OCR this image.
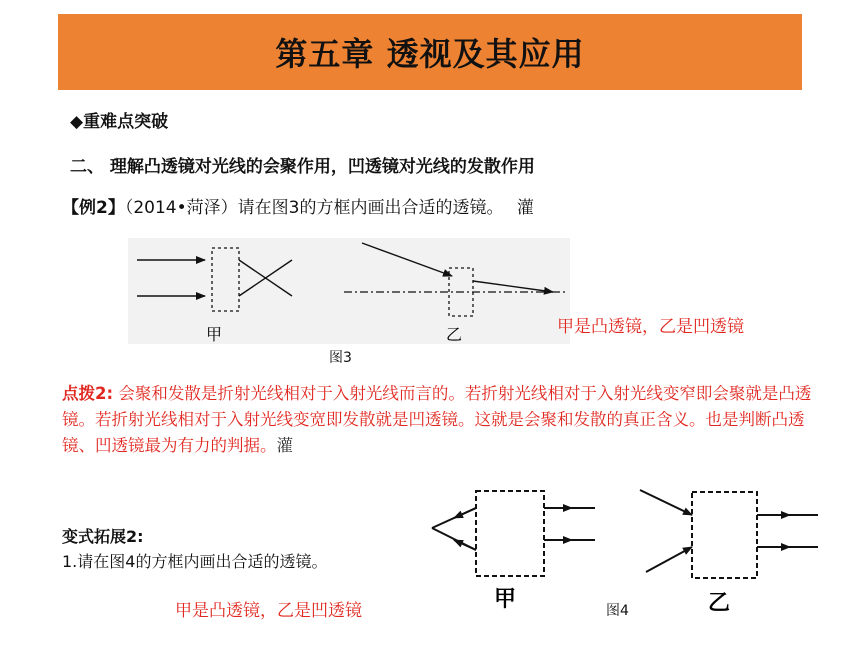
第五章 透视及其应用
◆重难点突破
二、 理解凸透镜对光线的会聚作用，凹透镜对光线的发散作用
【例2】（2014•菏泽）请在图3的方框内画出合适的透镜。 灌
甲	乙
甲	乙
甲是凸透镜，乙是凹透镜
图3
点拨2: 会聚和发散是折射光线相对于入射光线而言的。若折射光线相对于入射光线变窄即会聚就是凸透镜。若折射光线相对于入射光线变宽即发散就是凹透镜。这就是会聚和发散的真正含义。也是判断凸透镜、凹透镜最为有力的判据。灌
变式拓展2:
1.请在图4的方框内画出合适的透镜。
甲是凸透镜，乙是凹透镜	图4
